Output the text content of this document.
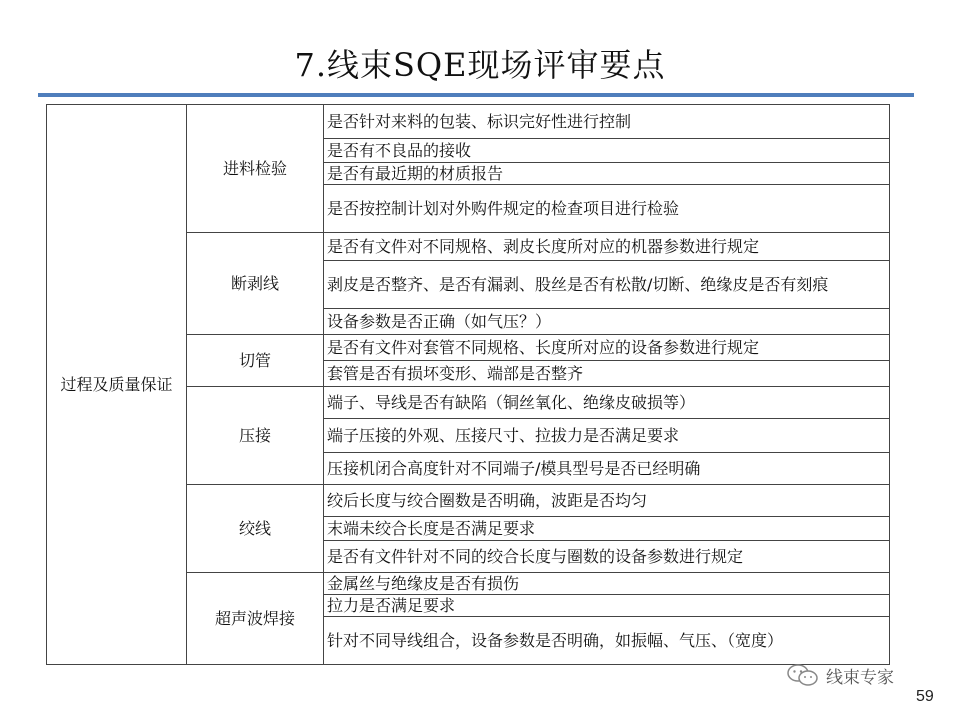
7.线束SQE现场评审要点
过程及质量保证	进料检验	是否针对来料的包装、标识完好性进行控制
		是否有不良品的接收
		是否有最近期的材质报告
		是否按控制计划对外购件规定的检查项目进行检验
	断剥线	是否有文件对不同规格、剥皮长度所对应的机器参数进行规定
		剥皮是否整齐、是否有漏剥、股丝是否有松散/切断、绝缘皮是否有刻痕
		设备参数是否正确（如气压？）
	切管	是否有文件对套管不同规格、长度所对应的设备参数进行规定
		套管是否有损坏变形、端部是否整齐
	压接	端子、导线是否有缺陷（铜丝氧化、绝缘皮破损等）
		端子压接的外观、压接尺寸、拉拔力是否满足要求
		压接机闭合高度针对不同端子/模具型号是否已经明确
	绞线	绞后长度与绞合圈数是否明确，波距是否均匀
		末端未绞合长度是否满足要求
		是否有文件针对不同的绞合长度与圈数的设备参数进行规定
	超声波焊接	金属丝与绝缘皮是否有损伤
		拉力是否满足要求
		针对不同导线组合，设备参数是否明确，如振幅、气压、（宽度）
线束专家
59
